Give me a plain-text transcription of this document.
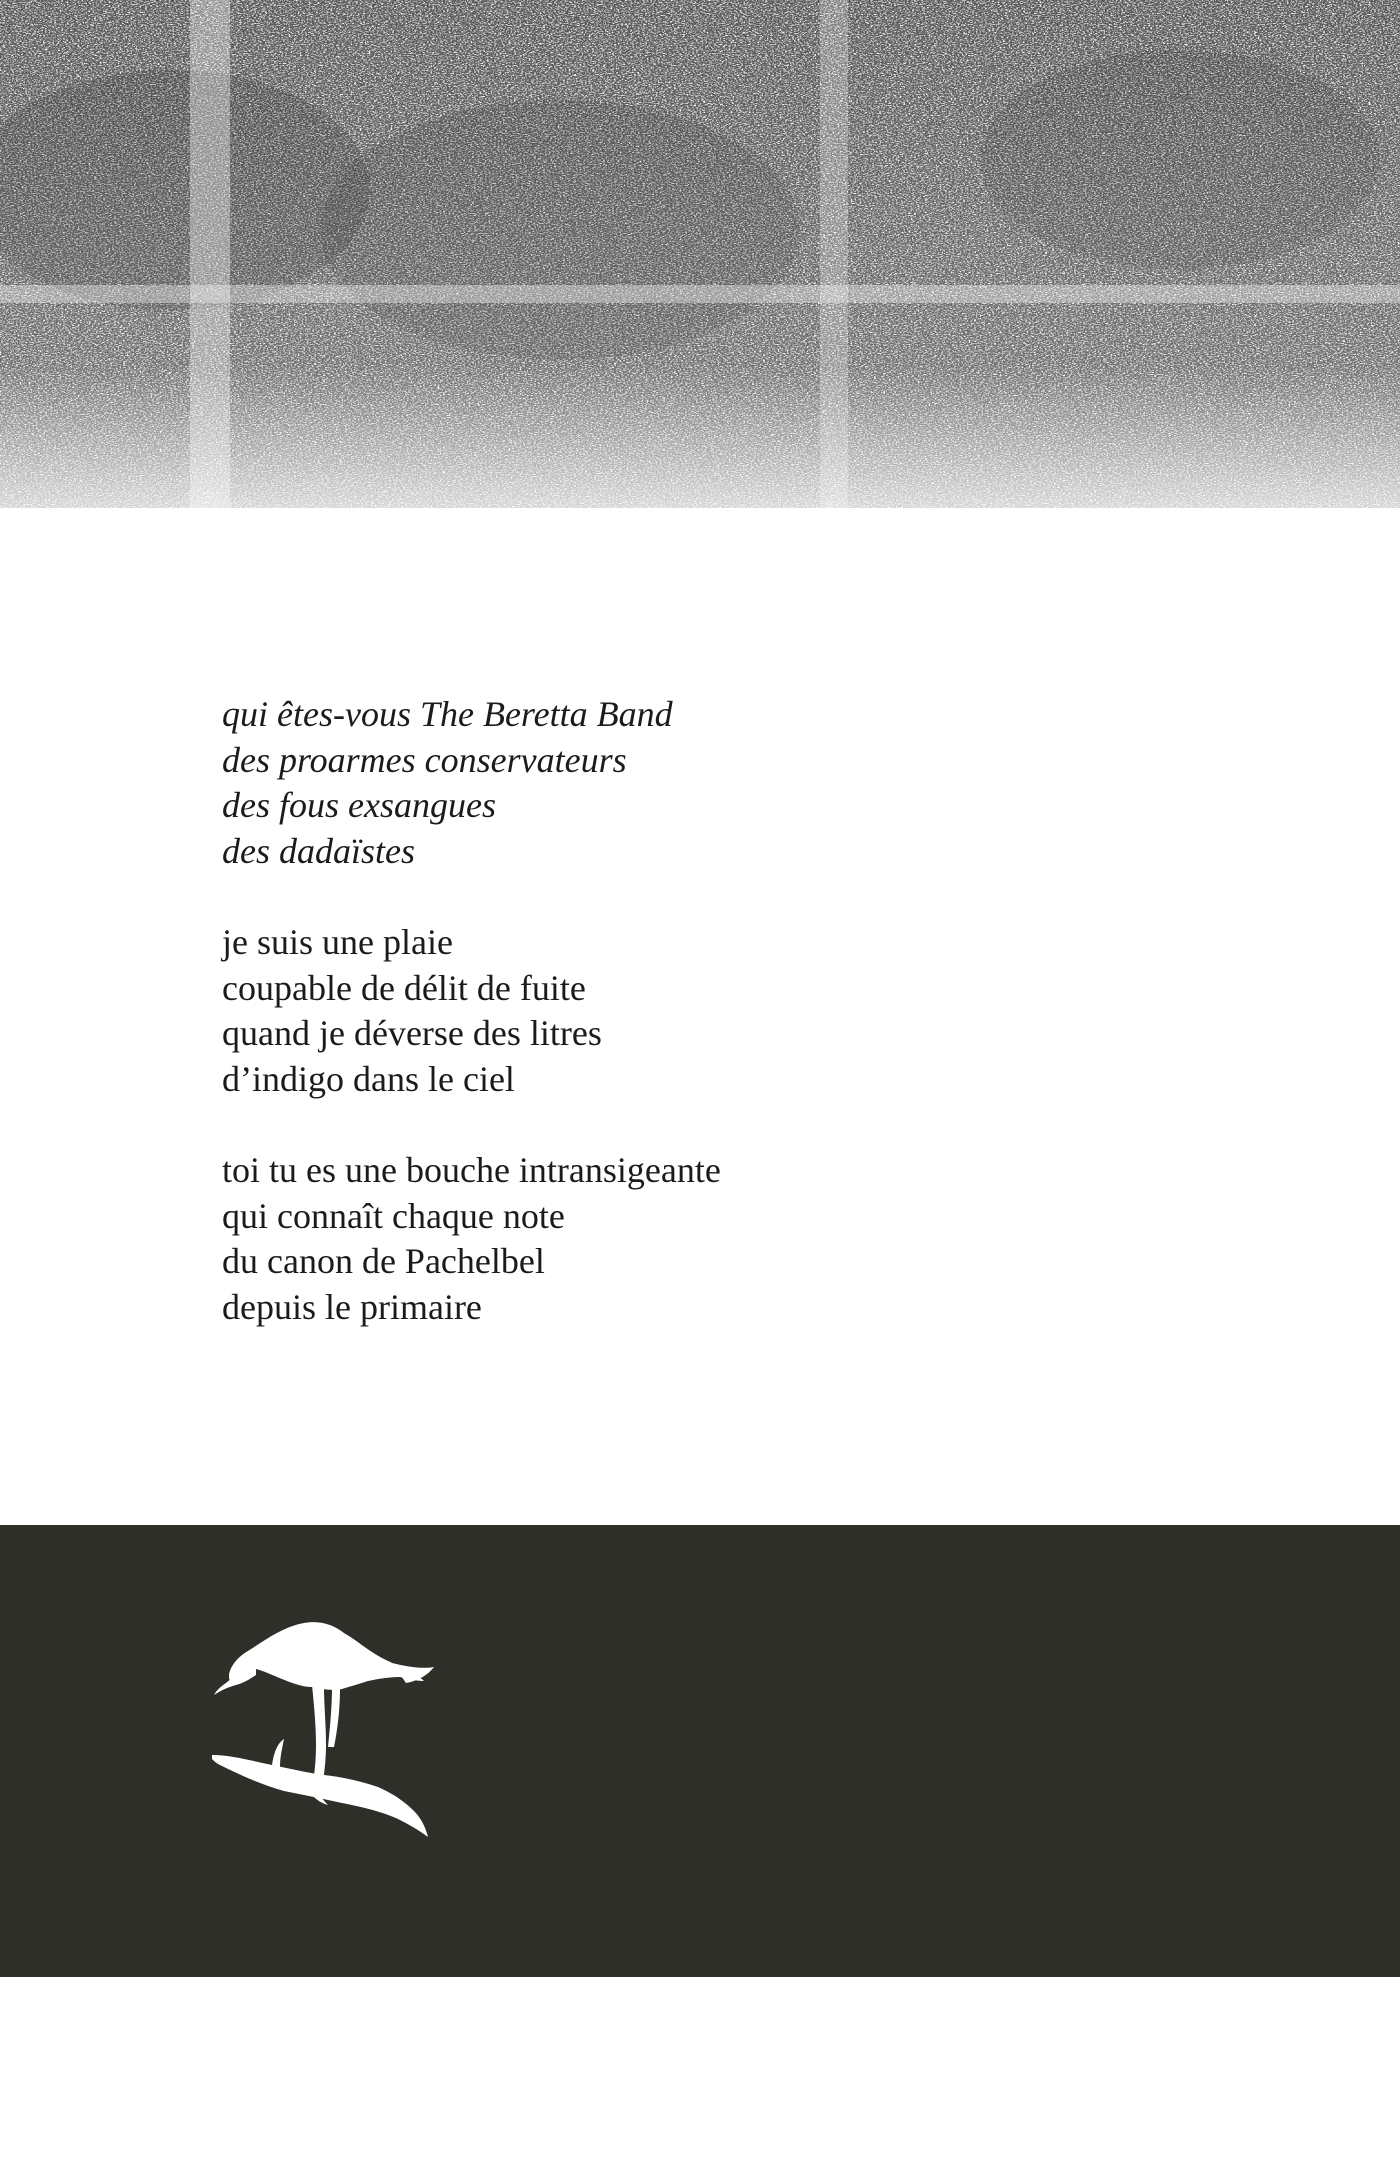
qui êtes-vous The Beretta Band
des proarmes conservateurs
des fous exsangues
des dadaïstes
je suis une plaie
coupable de délit de fuite
quand je déverse des litres
d’indigo dans le ciel
toi tu es une bouche intransigeante
qui connaît chaque note
du canon de Pachelbel
depuis le primaire
